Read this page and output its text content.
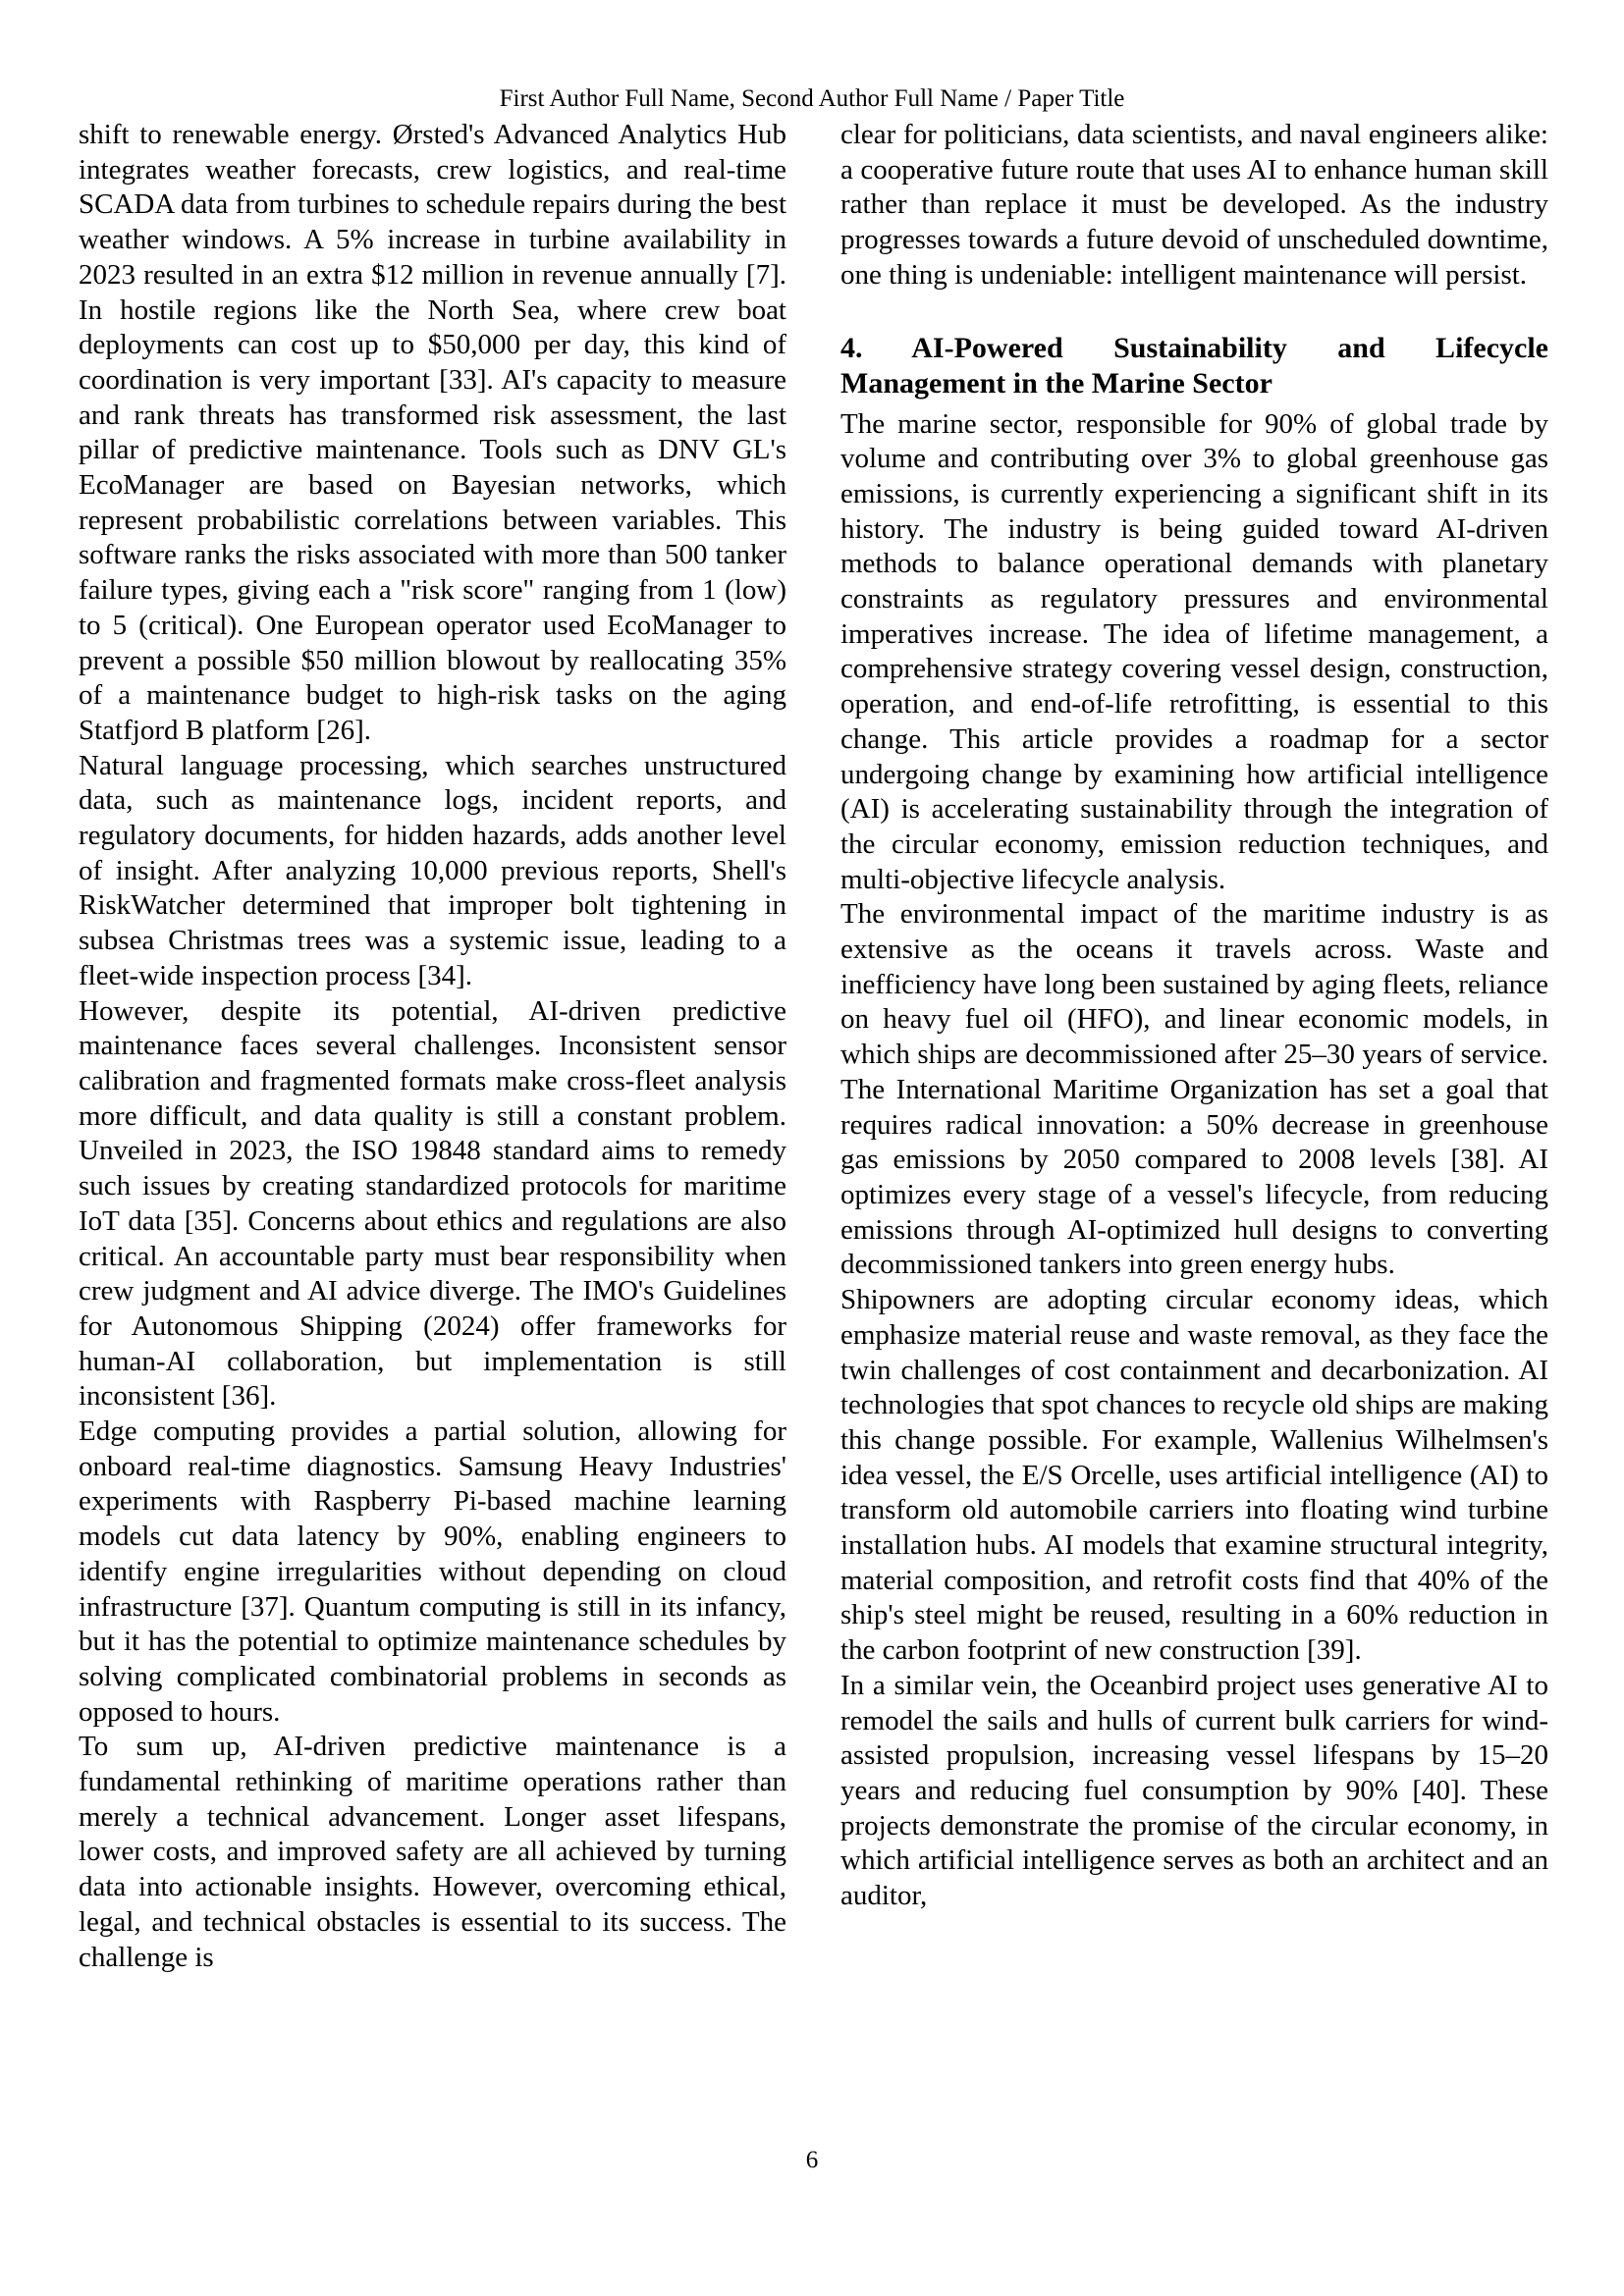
First Author Full Name, Second Author Full Name / Paper Title

shift to renewable energy. Ørsted's Advanced Analytics Hub integrates weather forecasts, crew logistics, and real-time SCADA data from turbines to schedule repairs during the best weather windows. A 5% increase in turbine availability in 2023 resulted in an extra $12 million in revenue annually [7]. In hostile regions like the North Sea, where crew boat deployments can cost up to $50,000 per day, this kind of coordination is very important [33]. AI's capacity to measure and rank threats has transformed risk assessment, the last pillar of predictive maintenance. Tools such as DNV GL's EcoManager are based on Bayesian networks, which represent probabilistic correlations between variables. This software ranks the risks associated with more than 500 tanker failure types, giving each a "risk score" ranging from 1 (low) to 5 (critical). One European operator used EcoManager to prevent a possible $50 million blowout by reallocating 35% of a maintenance budget to high-risk tasks on the aging Statfjord B platform [26].

Natural language processing, which searches unstructured data, such as maintenance logs, incident reports, and regulatory documents, for hidden hazards, adds another level of insight. After analyzing 10,000 previous reports, Shell's RiskWatcher determined that improper bolt tightening in subsea Christmas trees was a systemic issue, leading to a fleet-wide inspection process [34].

However, despite its potential, AI-driven predictive maintenance faces several challenges. Inconsistent sensor calibration and fragmented formats make cross-fleet analysis more difficult, and data quality is still a constant problem. Unveiled in 2023, the ISO 19848 standard aims to remedy such issues by creating standardized protocols for maritime IoT data [35]. Concerns about ethics and regulations are also critical. An accountable party must bear responsibility when crew judgment and AI advice diverge. The IMO's Guidelines for Autonomous Shipping (2024) offer frameworks for human-AI collaboration, but implementation is still inconsistent [36].

Edge computing provides a partial solution, allowing for onboard real-time diagnostics. Samsung Heavy Industries' experiments with Raspberry Pi-based machine learning models cut data latency by 90%, enabling engineers to identify engine irregularities without depending on cloud infrastructure [37]. Quantum computing is still in its infancy, but it has the potential to optimize maintenance schedules by solving complicated combinatorial problems in seconds as opposed to hours.

To sum up, AI-driven predictive maintenance is a fundamental rethinking of maritime operations rather than merely a technical advancement. Longer asset lifespans, lower costs, and improved safety are all achieved by turning data into actionable insights. However, overcoming ethical, legal, and technical obstacles is essential to its success. The challenge is

clear for politicians, data scientists, and naval engineers alike: a cooperative future route that uses AI to enhance human skill rather than replace it must be developed. As the industry progresses towards a future devoid of unscheduled downtime, one thing is undeniable: intelligent maintenance will persist.

4. AI-Powered Sustainability and Lifecycle Management in the Marine Sector

The marine sector, responsible for 90% of global trade by volume and contributing over 3% to global greenhouse gas emissions, is currently experiencing a significant shift in its history. The industry is being guided toward AI-driven methods to balance operational demands with planetary constraints as regulatory pressures and environmental imperatives increase. The idea of lifetime management, a comprehensive strategy covering vessel design, construction, operation, and end-of-life retrofitting, is essential to this change. This article provides a roadmap for a sector undergoing change by examining how artificial intelligence (AI) is accelerating sustainability through the integration of the circular economy, emission reduction techniques, and multi-objective lifecycle analysis.

The environmental impact of the maritime industry is as extensive as the oceans it travels across. Waste and inefficiency have long been sustained by aging fleets, reliance on heavy fuel oil (HFO), and linear economic models, in which ships are decommissioned after 25–30 years of service. The International Maritime Organization has set a goal that requires radical innovation: a 50% decrease in greenhouse gas emissions by 2050 compared to 2008 levels [38]. AI optimizes every stage of a vessel's lifecycle, from reducing emissions through AI-optimized hull designs to converting decommissioned tankers into green energy hubs.

Shipowners are adopting circular economy ideas, which emphasize material reuse and waste removal, as they face the twin challenges of cost containment and decarbonization. AI technologies that spot chances to recycle old ships are making this change possible. For example, Wallenius Wilhelmsen's idea vessel, the E/S Orcelle, uses artificial intelligence (AI) to transform old automobile carriers into floating wind turbine installation hubs. AI models that examine structural integrity, material composition, and retrofit costs find that 40% of the ship's steel might be reused, resulting in a 60% reduction in the carbon footprint of new construction [39].

In a similar vein, the Oceanbird project uses generative AI to remodel the sails and hulls of current bulk carriers for wind-assisted propulsion, increasing vessel lifespans by 15–20 years and reducing fuel consumption by 90% [40]. These projects demonstrate the promise of the circular economy, in which artificial intelligence serves as both an architect and an auditor,

6
